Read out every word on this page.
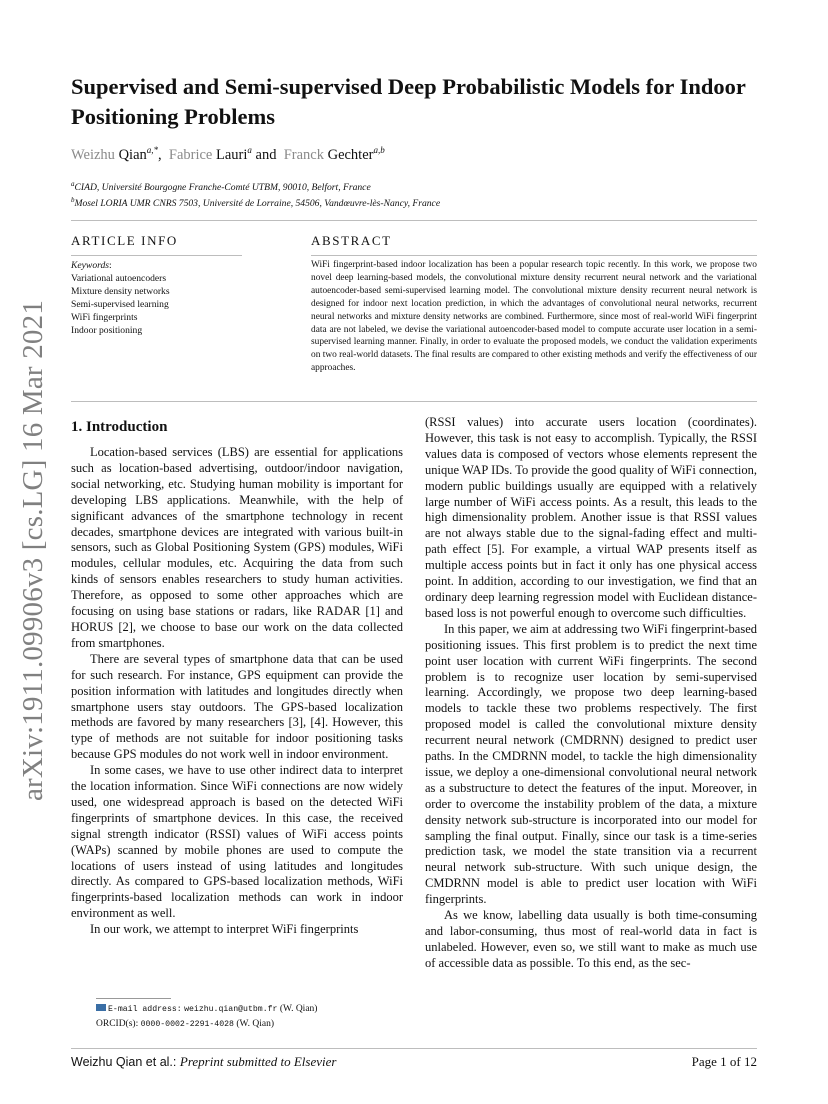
arXiv:1911.09906v3 [cs.LG] 16 Mar 2021
Supervised and Semi-supervised Deep Probabilistic Models for Indoor Positioning Problems
Weizhu Qian$^{a,*}$,  Fabrice Lauri$^a$ and  Franck Gechter$^{a,b}$
$^a$CIAD, Université Bourgogne Franche-Comté UTBM, 90010, Belfort, France
$^b$Mosel LORIA UMR CNRS 7503, Université de Lorraine, 54506, Vandœuvre-lès-Nancy, France
ARTICLE INFO
Keywords:
Variational autoencoders
Mixture density networks
Semi-supervised learning
WiFi fingerprints
Indoor positioning
ABSTRACT
WiFi fingerprint-based indoor localization has been a popular research topic recently. In this work, we propose two novel deep learning-based models, the convolutional mixture density recurrent neural network and the variational autoencoder-based semi-supervised learning model. The convolutional mixture density recurrent neural network is designed for indoor next location prediction, in which the advantages of convolutional neural networks, recurrent neural networks and mixture density networks are combined. Furthermore, since most of real-world WiFi fingerprint data are not labeled, we devise the variational autoencoder-based model to compute accurate user location in a semi-supervised learning manner. Finally, in order to evaluate the proposed models, we conduct the validation experiments on two real-world datasets. The final results are compared to other existing methods and verify the effectiveness of our approaches.
1. Introduction

Location-based services (LBS) are essential for applications such as location-based advertising, outdoor/indoor navigation, social networking, etc. Studying human mobility is important for developing LBS applications. Meanwhile, with the help of significant advances of the smartphone technology in recent decades, smartphone devices are integrated with various built-in sensors, such as Global Positioning System (GPS) modules, WiFi modules, cellular modules, etc. Acquiring the data from such kinds of sensors enables researchers to study human activities. Therefore, as opposed to some other approaches which are focusing on using base stations or radars, like RADAR [1] and HORUS [2], we choose to base our work on the data collected from smartphones.

There are several types of smartphone data that can be used for such research. For instance, GPS equipment can provide the position information with latitudes and longitudes directly when smartphone users stay outdoors. The GPS-based localization methods are favored by many researchers [3], [4]. However, this type of methods are not suitable for indoor positioning tasks because GPS modules do not work well in indoor environment.

In some cases, we have to use other indirect data to interpret the location information. Since WiFi connections are now widely used, one widespread approach is based on the detected WiFi fingerprints of smartphone devices. In this case, the received signal strength indicator (RSSI) values of WiFi access points (WAPs) scanned by mobile phones are used to compute the locations of users instead of using latitudes and longitudes directly. As compared to GPS-based localization methods, WiFi fingerprints-based localization methods can work in indoor environment as well.

In our work, we attempt to interpret WiFi fingerprints

(RSSI values) into accurate users location (coordinates). However, this task is not easy to accomplish. Typically, the RSSI values data is composed of vectors whose elements represent the unique WAP IDs. To provide the good quality of WiFi connection, modern public buildings usually are equipped with a relatively large number of WiFi access points. As a result, this leads to the high dimensionality problem. Another issue is that RSSI values are not always stable due to the signal-fading effect and multi-path effect [5]. For example, a virtual WAP presents itself as multiple access points but in fact it only has one physical access point. In addition, according to our investigation, we find that an ordinary deep learning regression model with Euclidean distance-based loss is not powerful enough to overcome such difficulties.

In this paper, we aim at addressing two WiFi fingerprint-based positioning issues. This first problem is to predict the next time point user location with current WiFi fingerprints. The second problem is to recognize user location by semi-supervised learning. Accordingly, we propose two deep learning-based models to tackle these two problems respectively. The first proposed model is called the convolutional mixture density recurrent neural network (CMDRNN) designed to predict user paths. In the CMDRNN model, to tackle the high dimensionality issue, we deploy a one-dimensional convolutional neural network as a substructure to detect the features of the input. Moreover, in order to overcome the instability problem of the data, a mixture density network sub-structure is incorporated into our model for sampling the final output. Finally, since our task is a time-series prediction task, we model the state transition via a recurrent neural network sub-structure. With such unique design, the CMDRNN model is able to predict user location with WiFi fingerprints.

As we know, labelling data usually is both time-consuming and labor-consuming, thus most of real-world data in fact is unlabeled. However, even so, we still want to make as much use of accessible data as possible. To this end, as the sec-

E-mail address: weizhu.qian@utbm.fr (W. Qian)
ORCID(s): 0000-0002-2291-4028 (W. Qian)
Weizhu Qian et al.: Preprint submitted to Elsevier	Page 1 of 12
